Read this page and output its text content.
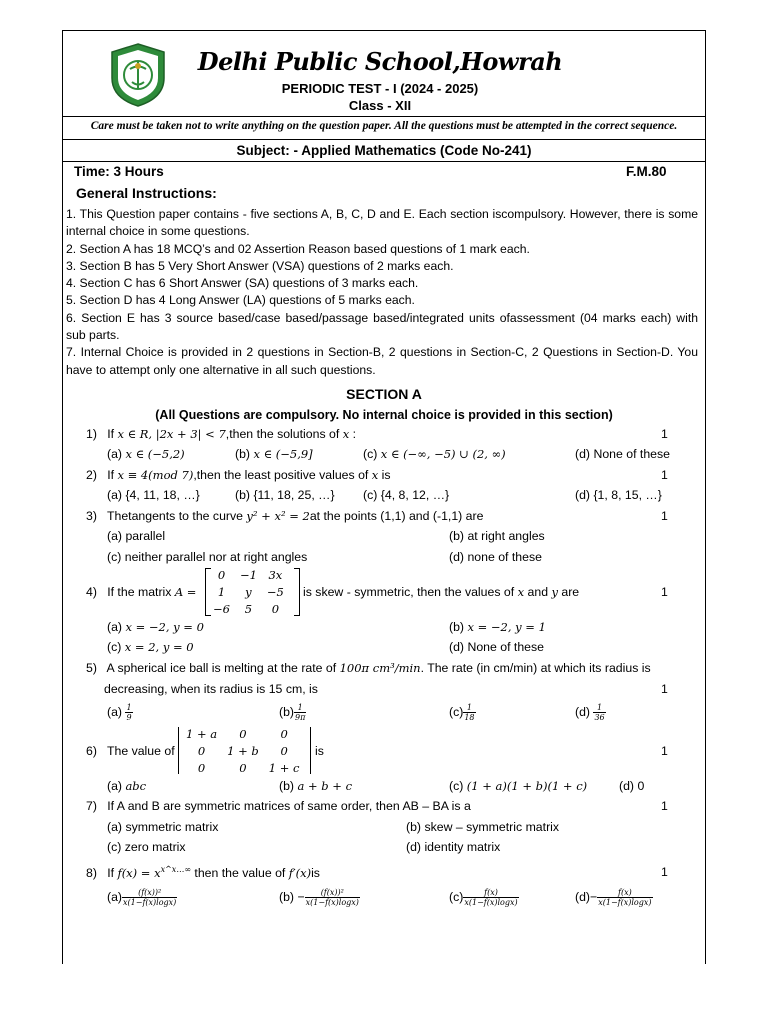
Delhi Public School,Howrah
PERIODIC TEST - I (2024 - 2025)
Class - XII
Care must be taken not to write anything on the question paper. All the questions must be attempted in the correct sequence.
Subject: - Applied Mathematics (Code No-241)
Time: 3 Hours	F.M.80
General Instructions:

1. This Question paper contains - five sections A, B, C, D and E. Each section iscompulsory. However, there is some internal choice in some questions.

2. Section A has 18 MCQ’s and 02 Assertion Reason based questions of 1 mark each.

3. Section B has 5 Very Short Answer (VSA) questions of 2 marks each.

4. Section C has 6 Short Answer (SA) questions of 3 marks each.

5. Section D has 4 Long Answer (LA) questions of 5 marks each.

6. Section E has 3 source based/case based/passage based/integrated units ofassessment (04 marks each) with sub parts.

7. Internal Choice is provided in 2 questions in Section-B, 2 questions in Section-C, 2 Questions in Section-D. You have to attempt only one alternative in all such questions.

SECTION A
(All Questions are compulsory. No internal choice is provided in this section)
1) If x ∈ R, |2x + 3| < 7,then the solutions of x :	1
(a) x ∈ (−5,2)	(b) x ∈ (−5,9]	(c) x ∈ (−∞, −5) ∪ (2, ∞)	(d) None of these
2) If x ≡ 4(mod 7),then the least positive values of x is	1
(a) {4, 11, 18, …}	(b) {11, 18, 25, …} (c) {4, 8, 12, …}	(d) {1, 8, 15, …}
3) Thetangents to the curve y² + x² = 2at the points (1,1) and (-1,1) are	1
(a) parallel	(b) at right angles
(c) neither parallel nor at right angles	(d) none of these
4) If the matrix A =
0	−1	3x
1	y	−5
−6	5	0
is skew - symmetric, then the values of x and y are	1
(a) x = −2, y = 0	(b) x = −2, y = 1
(c) x = 2, y = 0	(d) None of these
5) A spherical ice ball is melting at the rate of 100π cm³/min. The rate (in cm/min) at which its radius is
decreasing, when its radius is 15 cm, is	1
$(a) \frac{1}{9}$	$(b) \frac{1}{9\pi}$	$(c) \frac{1}{18}$	$(d) \frac{1}{36}$
6) The value of
1 + a	0	0
0	1 + b	0
0	0	1 + c
is	1
(a) abc	(b) a + b + c	(c) (1 + a)(1 + b)(1 + c)	(d) 0
7) If A and B are symmetric matrices of same order, then AB – BA is a	1
(a) symmetric matrix	(b) skew – symmetric matrix
(c) zero matrix	(d) identity matrix
8) If $f(x) = x^{x\^{}x\dots\infty}$ then the value of f′(x)is	1
$(a) \frac{\text{(f(x))²}}{x(1-f(x)\log x)}$	$(b) - \frac{\text{(f(x))²}}{x(1-f(x)\log x)}$	$(c) \frac{f(x)}{x(1-f(x)\log x)}$	$(d)- \frac{f(x)}{x(1-f(x)\log x)}$
